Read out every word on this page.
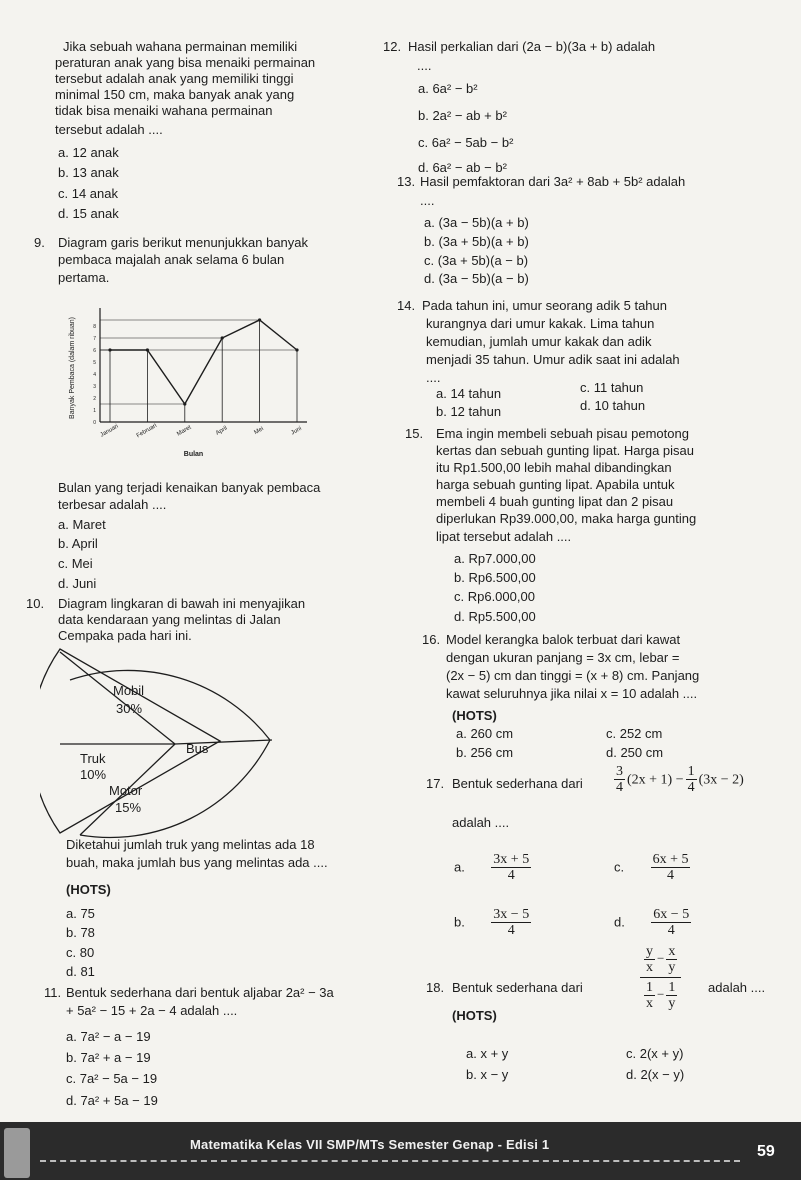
Jika sebuah wahana permainan memiliki
peraturan anak yang bisa menaiki permainan
tersebut adalah anak yang memiliki tinggi
minimal 150 cm, maka banyak anak yang
tidak bisa menaiki wahana permainan
tersebut adalah ....
a. 12 anak
b. 13 anak
c. 14 anak
d. 15 anak
9. Diagram garis berikut menunjukkan banyak
pembaca majalah anak selama 6 bulan
pertama.
0
1
2
3
4
5
6
7
8
Banyak Pembaca (dalam ribuan)
Januari	Februari	Maret	April	Mei	Juni
Bulan
Bulan yang terjadi kenaikan banyak pembaca
terbesar adalah ....
a. Maret
b. April
c. Mei
d. Juni
10. Diagram lingkaran di bawah ini menyajikan
data kendaraan yang melintas di Jalan
Cempaka pada hari ini.
Mobil
30%
Truk
10%
Bus
Motor
15%
Diketahui jumlah truk yang melintas ada 18
buah, maka jumlah bus yang melintas ada ....
(HOTS)
a. 75
b. 78
c. 80
d. 81
11. Bentuk sederhana dari bentuk aljabar 2a² − 3a
+ 5a² − 15 + 2a − 4 adalah ....
a. 7a² − a − 19
b. 7a² + a − 19
c. 7a² − 5a − 19
d. 7a² + 5a − 19
12. Hasil perkalian dari (2a − b)(3a + b) adalah
....
a. 6a² − b²
b. 2a² − ab + b²
c. 6a² − 5ab − b²
d. 6a² − ab − b²
13. Hasil pemfaktoran dari 3a² + 8ab + 5b² adalah
....
a. (3a − 5b)(a + b)
b. (3a + 5b)(a + b)
c. (3a + 5b)(a − b)
d. (3a − 5b)(a − b)
14. Pada tahun ini, umur seorang adik 5 tahun
kurangnya dari umur kakak. Lima tahun
kemudian, jumlah umur kakak dan adik
menjadi 35 tahun. Umur adik saat ini adalah
....
a. 14 tahun	c. 11 tahun
b. 12 tahun	d. 10 tahun
15. Ema ingin membeli sebuah pisau pemotong
kertas dan sebuah gunting lipat. Harga pisau
itu Rp1.500,00 lebih mahal dibandingkan
harga sebuah gunting lipat. Apabila untuk
membeli 4 buah gunting lipat dan 2 pisau
diperlukan Rp39.000,00, maka harga gunting
lipat tersebut adalah ....
a. Rp7.000,00
b. Rp6.500,00
c. Rp6.000,00
d. Rp5.500,00
16. Model kerangka balok terbuat dari kawat
dengan ukuran panjang = 3x cm, lebar =
(2x − 5) cm dan tinggi = (x + 8) cm. Panjang
kawat seluruhnya jika nilai x = 10 adalah ....
(HOTS)
a. 260 cm	c. 252 cm
b. 256 cm	d. 250 cm
17. Bentuk sederhana dari $\frac{3}{4} (2x + 1) - \frac{1}{4} (3x - 2)$
adalah ....
a. $\frac{3x + 5}{4}$	c. $\frac{6x + 5}{4}$
b. $\frac{3x - 5}{4}$	d. $\frac{6x - 5}{4}$
18. Bentuk sederhana dari	$\frac{\frac{y}{x} - \frac{x}{y}}{\frac{1}{x} - \frac{1}{y}}$ adalah ....
(HOTS)
a. x + y	c. 2(x + y)
b. x − y	d. 2(x − y)
Matematika Kelas VII SMP/MTs Semester Genap - Edisi 1	59
